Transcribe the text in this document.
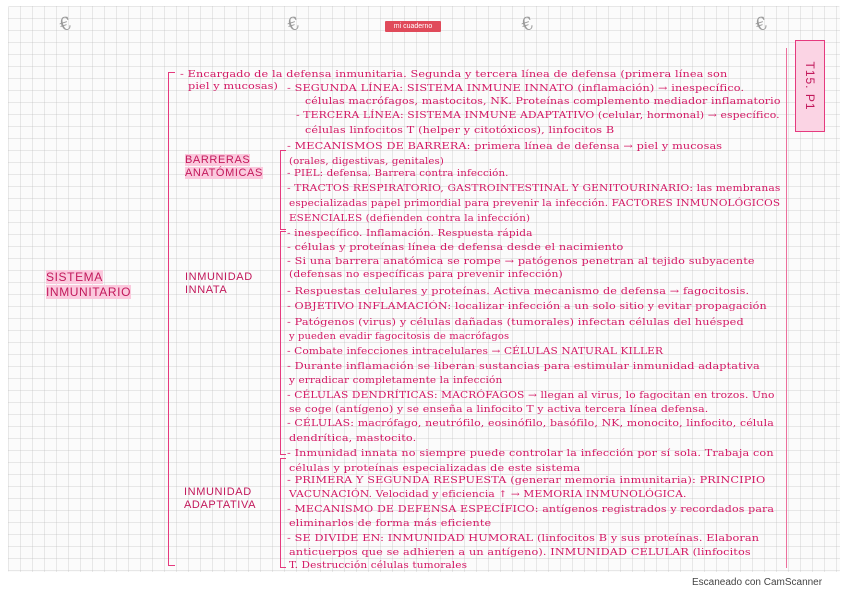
€	€	€	€
mi cuaderno
T15. P1
SISTEMA
INMUNITARIO
BARRERAS
ANATÓMICAS
INMUNIDAD
INNATA
INMUNIDAD
ADAPTATIVA
- Encargado de la defensa inmunitaria. Segunda y tercera línea de defensa (primera línea son
piel y mucosas) - SEGUNDA LÍNEA: SISTEMA INMUNE INNATO (inflamación) → inespecífico.
células macrófagos, mastocitos, NK. Proteínas complemento mediador inflamatorio
- TERCERA LÍNEA: SISTEMA INMUNE ADAPTATIVO (celular, hormonal) → específico.
células linfocitos T (helper y citotóxicos), linfocitos B
- MECANISMOS DE BARRERA: primera línea de defensa → piel y mucosas
(orales, digestivas, genitales)
- PIEL: defensa. Barrera contra infección.
- TRACTOS RESPIRATORIO, GASTROINTESTINAL Y GENITOURINARIO: las membranas
especializadas papel primordial para prevenir la infección. FACTORES INMUNOLÓGICOS
ESENCIALES (defienden contra la infección)
- inespecífico. Inflamación. Respuesta rápida
- células y proteínas línea de defensa desde el nacimiento
- Si una barrera anatómica se rompe → patógenos penetran al tejido subyacente
(defensas no específicas para prevenir infección)
- Respuestas celulares y proteínas. Activa mecanismo de defensa → fagocitosis.
- OBJETIVO INFLAMACIÓN: localizar infección a un solo sitio y evitar propagación
- Patógenos (virus) y células dañadas (tumorales) infectan células del huésped
y pueden evadir fagocitosis de macrófagos
- Combate infecciones intracelulares → CÉLULAS NATURAL KILLER
- Durante inflamación se liberan sustancias para estimular inmunidad adaptativa
y erradicar completamente la infección
- CÉLULAS DENDRÍTICAS: MACRÓFAGOS → llegan al virus, lo fagocitan en trozos. Uno
se coge (antígeno) y se enseña a linfocito T y activa tercera línea defensa.
- CÉLULAS: macrófago, neutrófilo, eosinófilo, basófilo, NK, monocito, linfocito, célula
dendrítica, mastocito.
- Inmunidad innata no siempre puede controlar la infección por sí sola. Trabaja con
células y proteínas especializadas de este sistema
- PRIMERA Y SEGUNDA RESPUESTA (generar memoria inmunitaria): PRINCIPIO
VACUNACIÓN. Velocidad y eficiencia ↑ → MEMORIA INMUNOLÓGICA.
- MECANISMO DE DEFENSA ESPECÍFICO: antígenos registrados y recordados para
eliminarlos de forma más eficiente
- SE DIVIDE EN: INMUNIDAD HUMORAL (linfocitos B y sus proteínas. Elaboran
anticuerpos que se adhieren a un antígeno). INMUNIDAD CELULAR (linfocitos
T. Destrucción células tumorales
Escaneado con CamScanner
